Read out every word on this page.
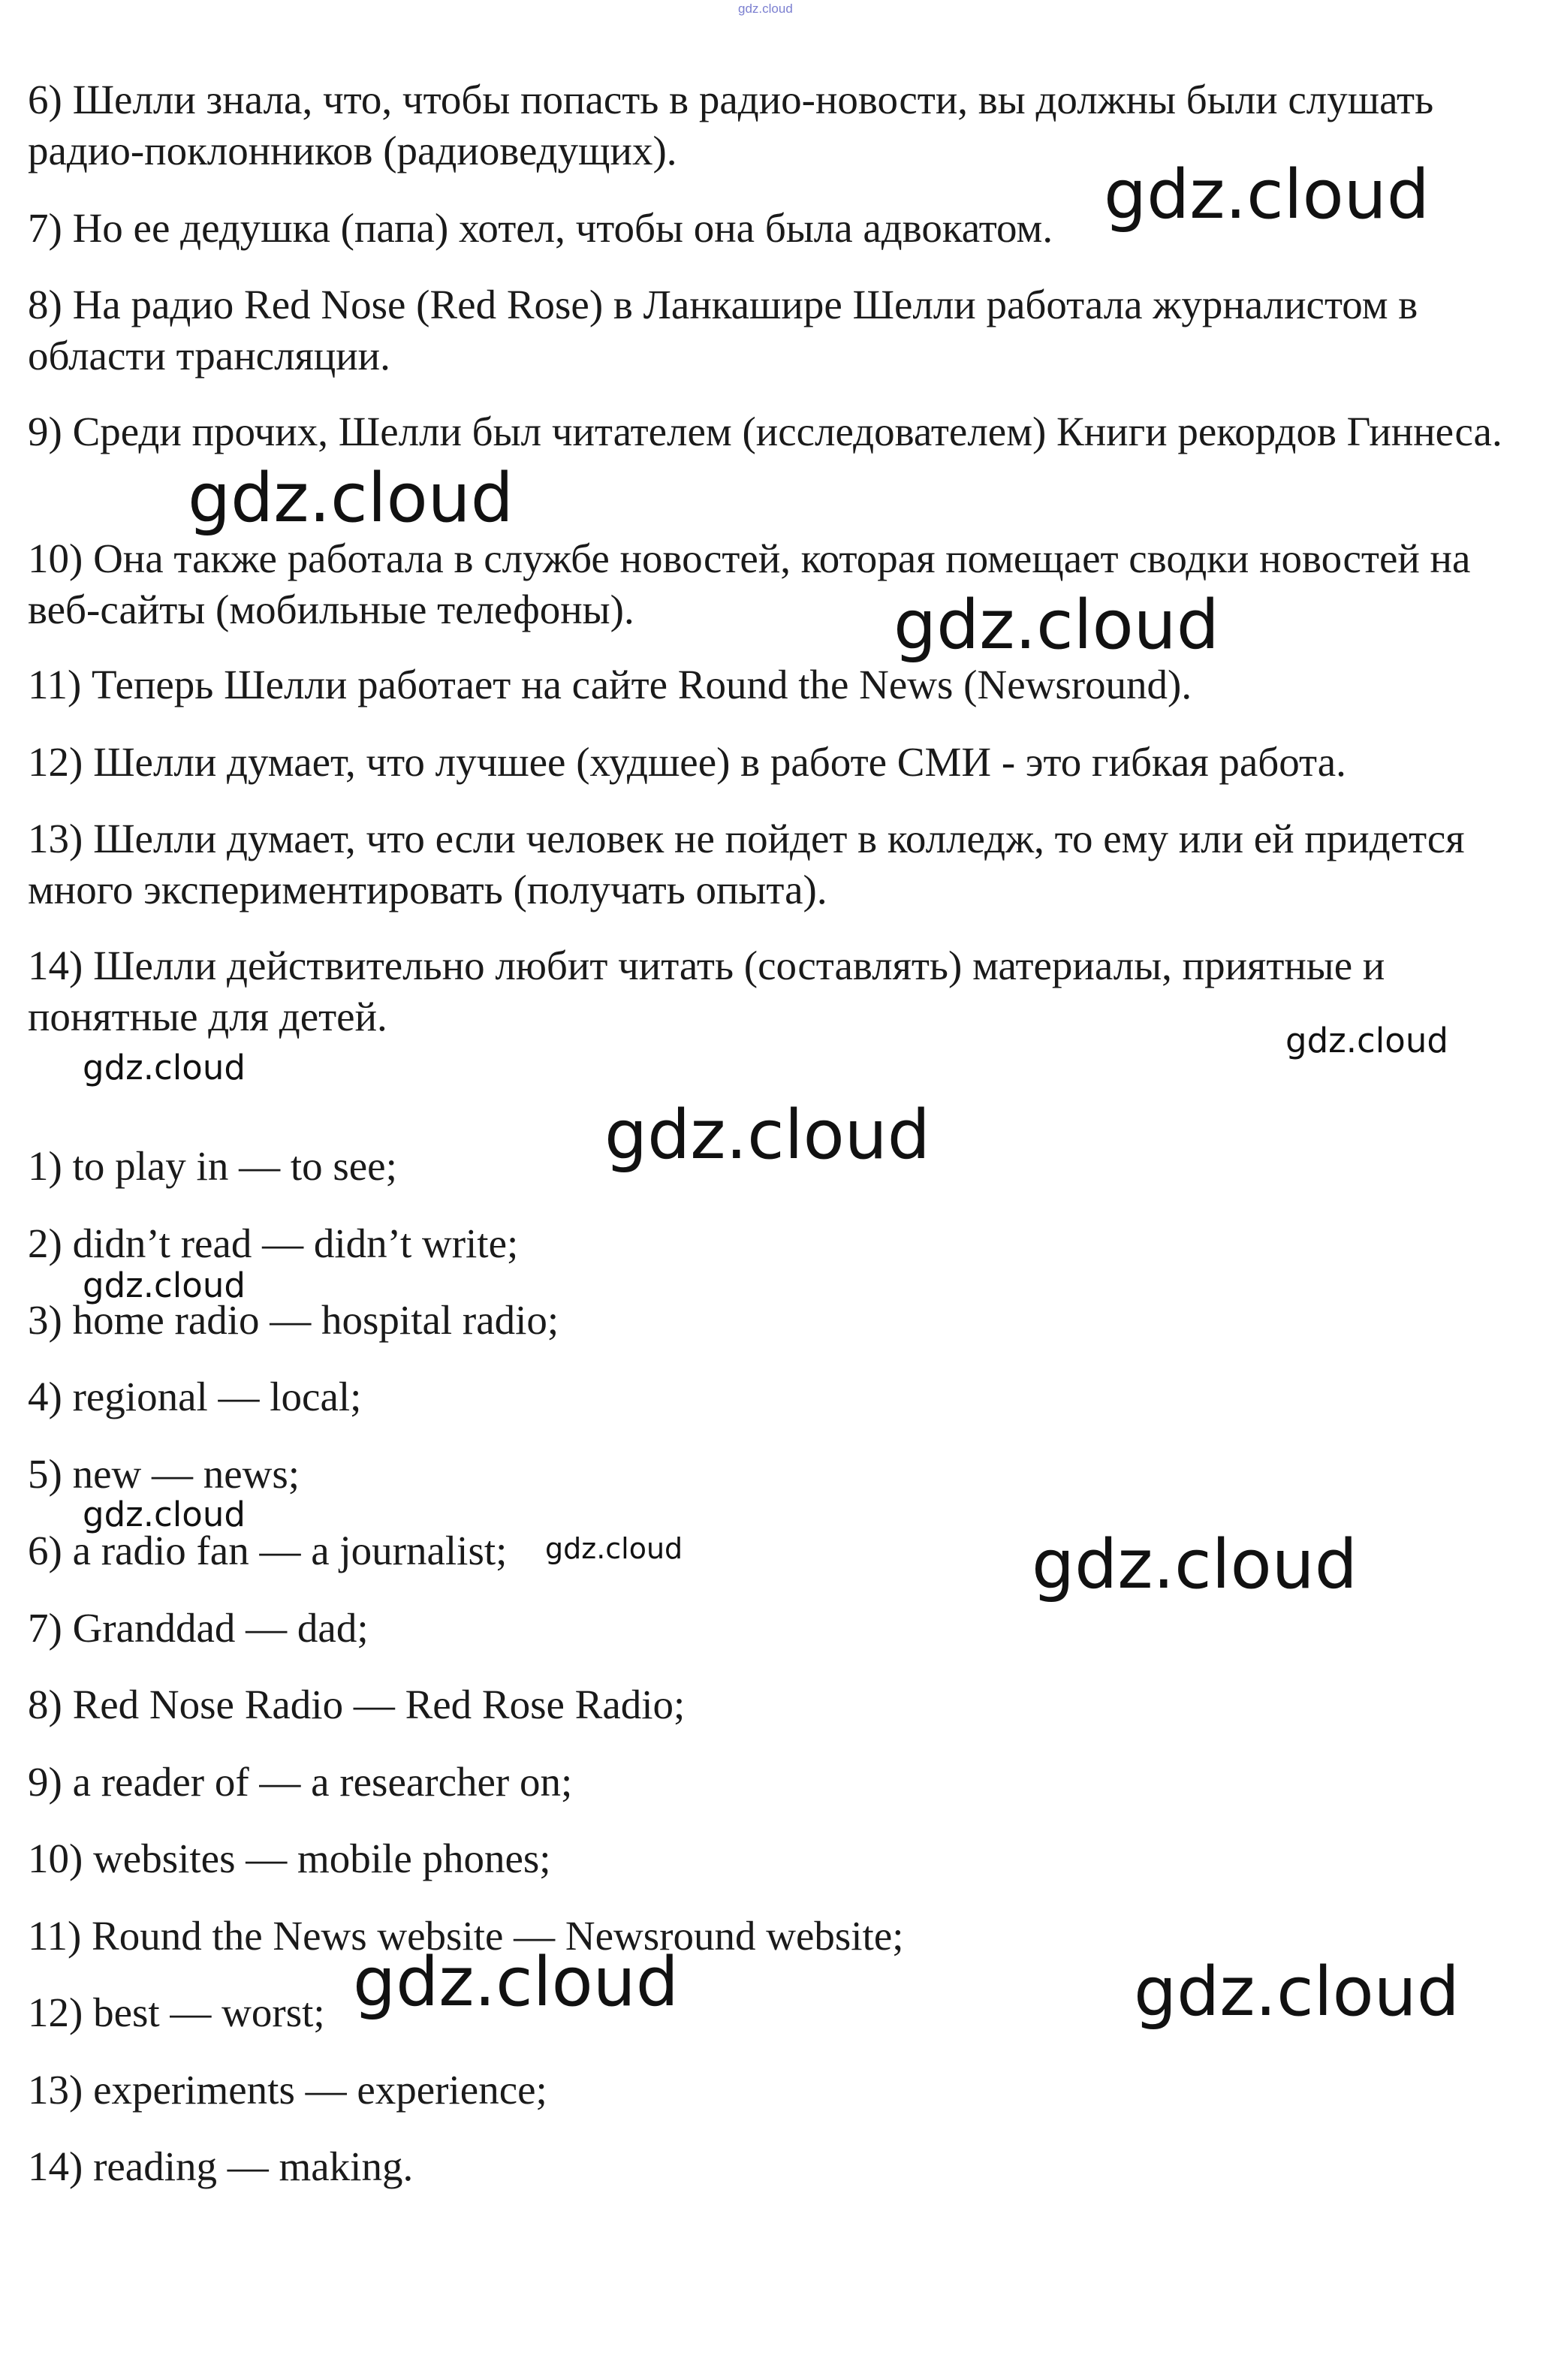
gdz.cloud

6) Шелли знала, что, чтобы попасть в радио-новости, вы должны были слушать радио-поклонников (радиоведущих).

7) Но ее дедушка (папа) хотел, чтобы она была адвокатом.

8) На радио Red Nose (Red Rose) в Ланкашире Шелли работала журналистом в области трансляции.

9) Среди прочих, Шелли был читателем (исследователем) Книги рекордов Гиннеса.

10) Она также работала в службе новостей, которая помещает сводки новостей на веб-сайты (мобильные телефоны).

11) Теперь Шелли работает на сайте Round the News (Newsround).

12) Шелли думает, что лучшее (худшее) в работе СМИ - это гибкая работа.

13) Шелли думает, что если человек не пойдет в колледж, то ему или ей придется много экспериментировать (получать опыта).

14) Шелли действительно любит читать (составлять) материалы, приятные и понятные для детей.

1) to play in — to see;

2) didn’t read — didn’t write;

3) home radio — hospital radio;

4) regional — local;

5) new — news;

6) a radio fan — a journalist;

7) Granddad — dad;

8) Red Nose Radio — Red Rose Radio;

9) a reader of — a researcher on;

10) websites — mobile phones;

11) Round the News website — Newsround website;

12) best — worst;

13) experiments — experience;

14) reading — making.

gdz.cloud
gdz.cloud
gdz.cloud
gdz.cloud
gdz.cloud
gdz.cloud
gdz.cloud
gdz.cloud
gdz.cloud	gdz.cloud
gdz.cloud	gdz.cloud
